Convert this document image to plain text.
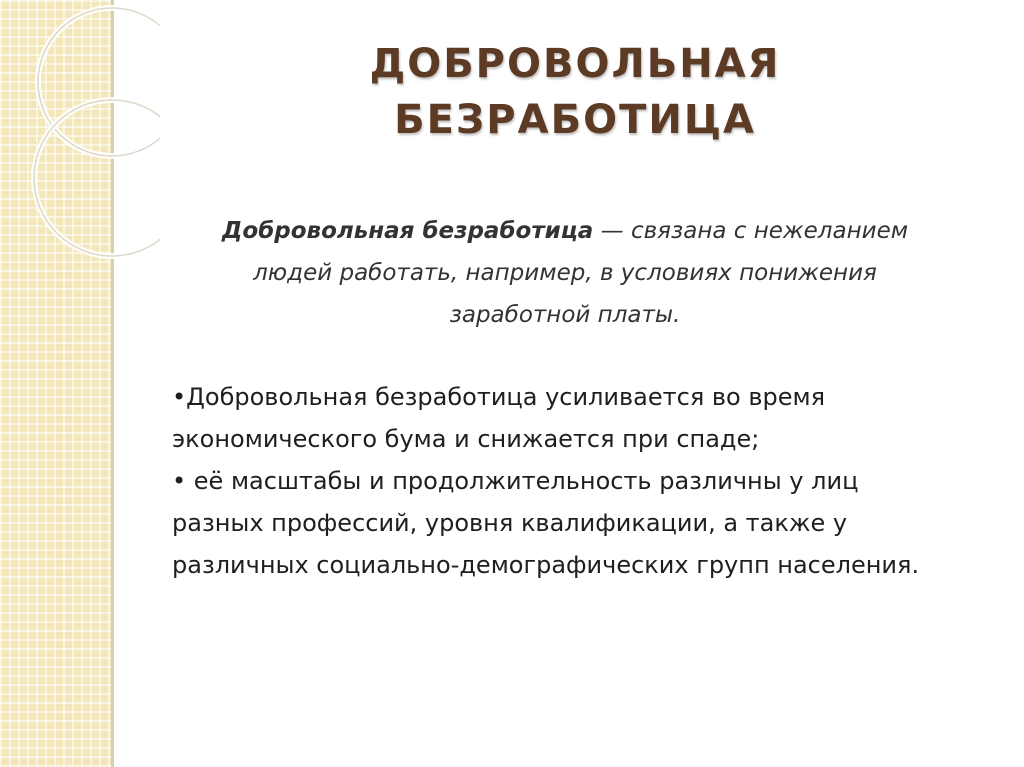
ДОБРОВОЛЬНАЯ
БЕЗРАБОТИЦА
Добровольная безработица — связана с нежеланием людей работать, например, в условиях понижения заработной платы.

•Добровольная безработица усиливается во время экономического бума и снижается при спаде;

• её масштабы и продолжительность различны у лиц разных профессий, уровня квалификации, а также у различных социально-демографических групп населения.
